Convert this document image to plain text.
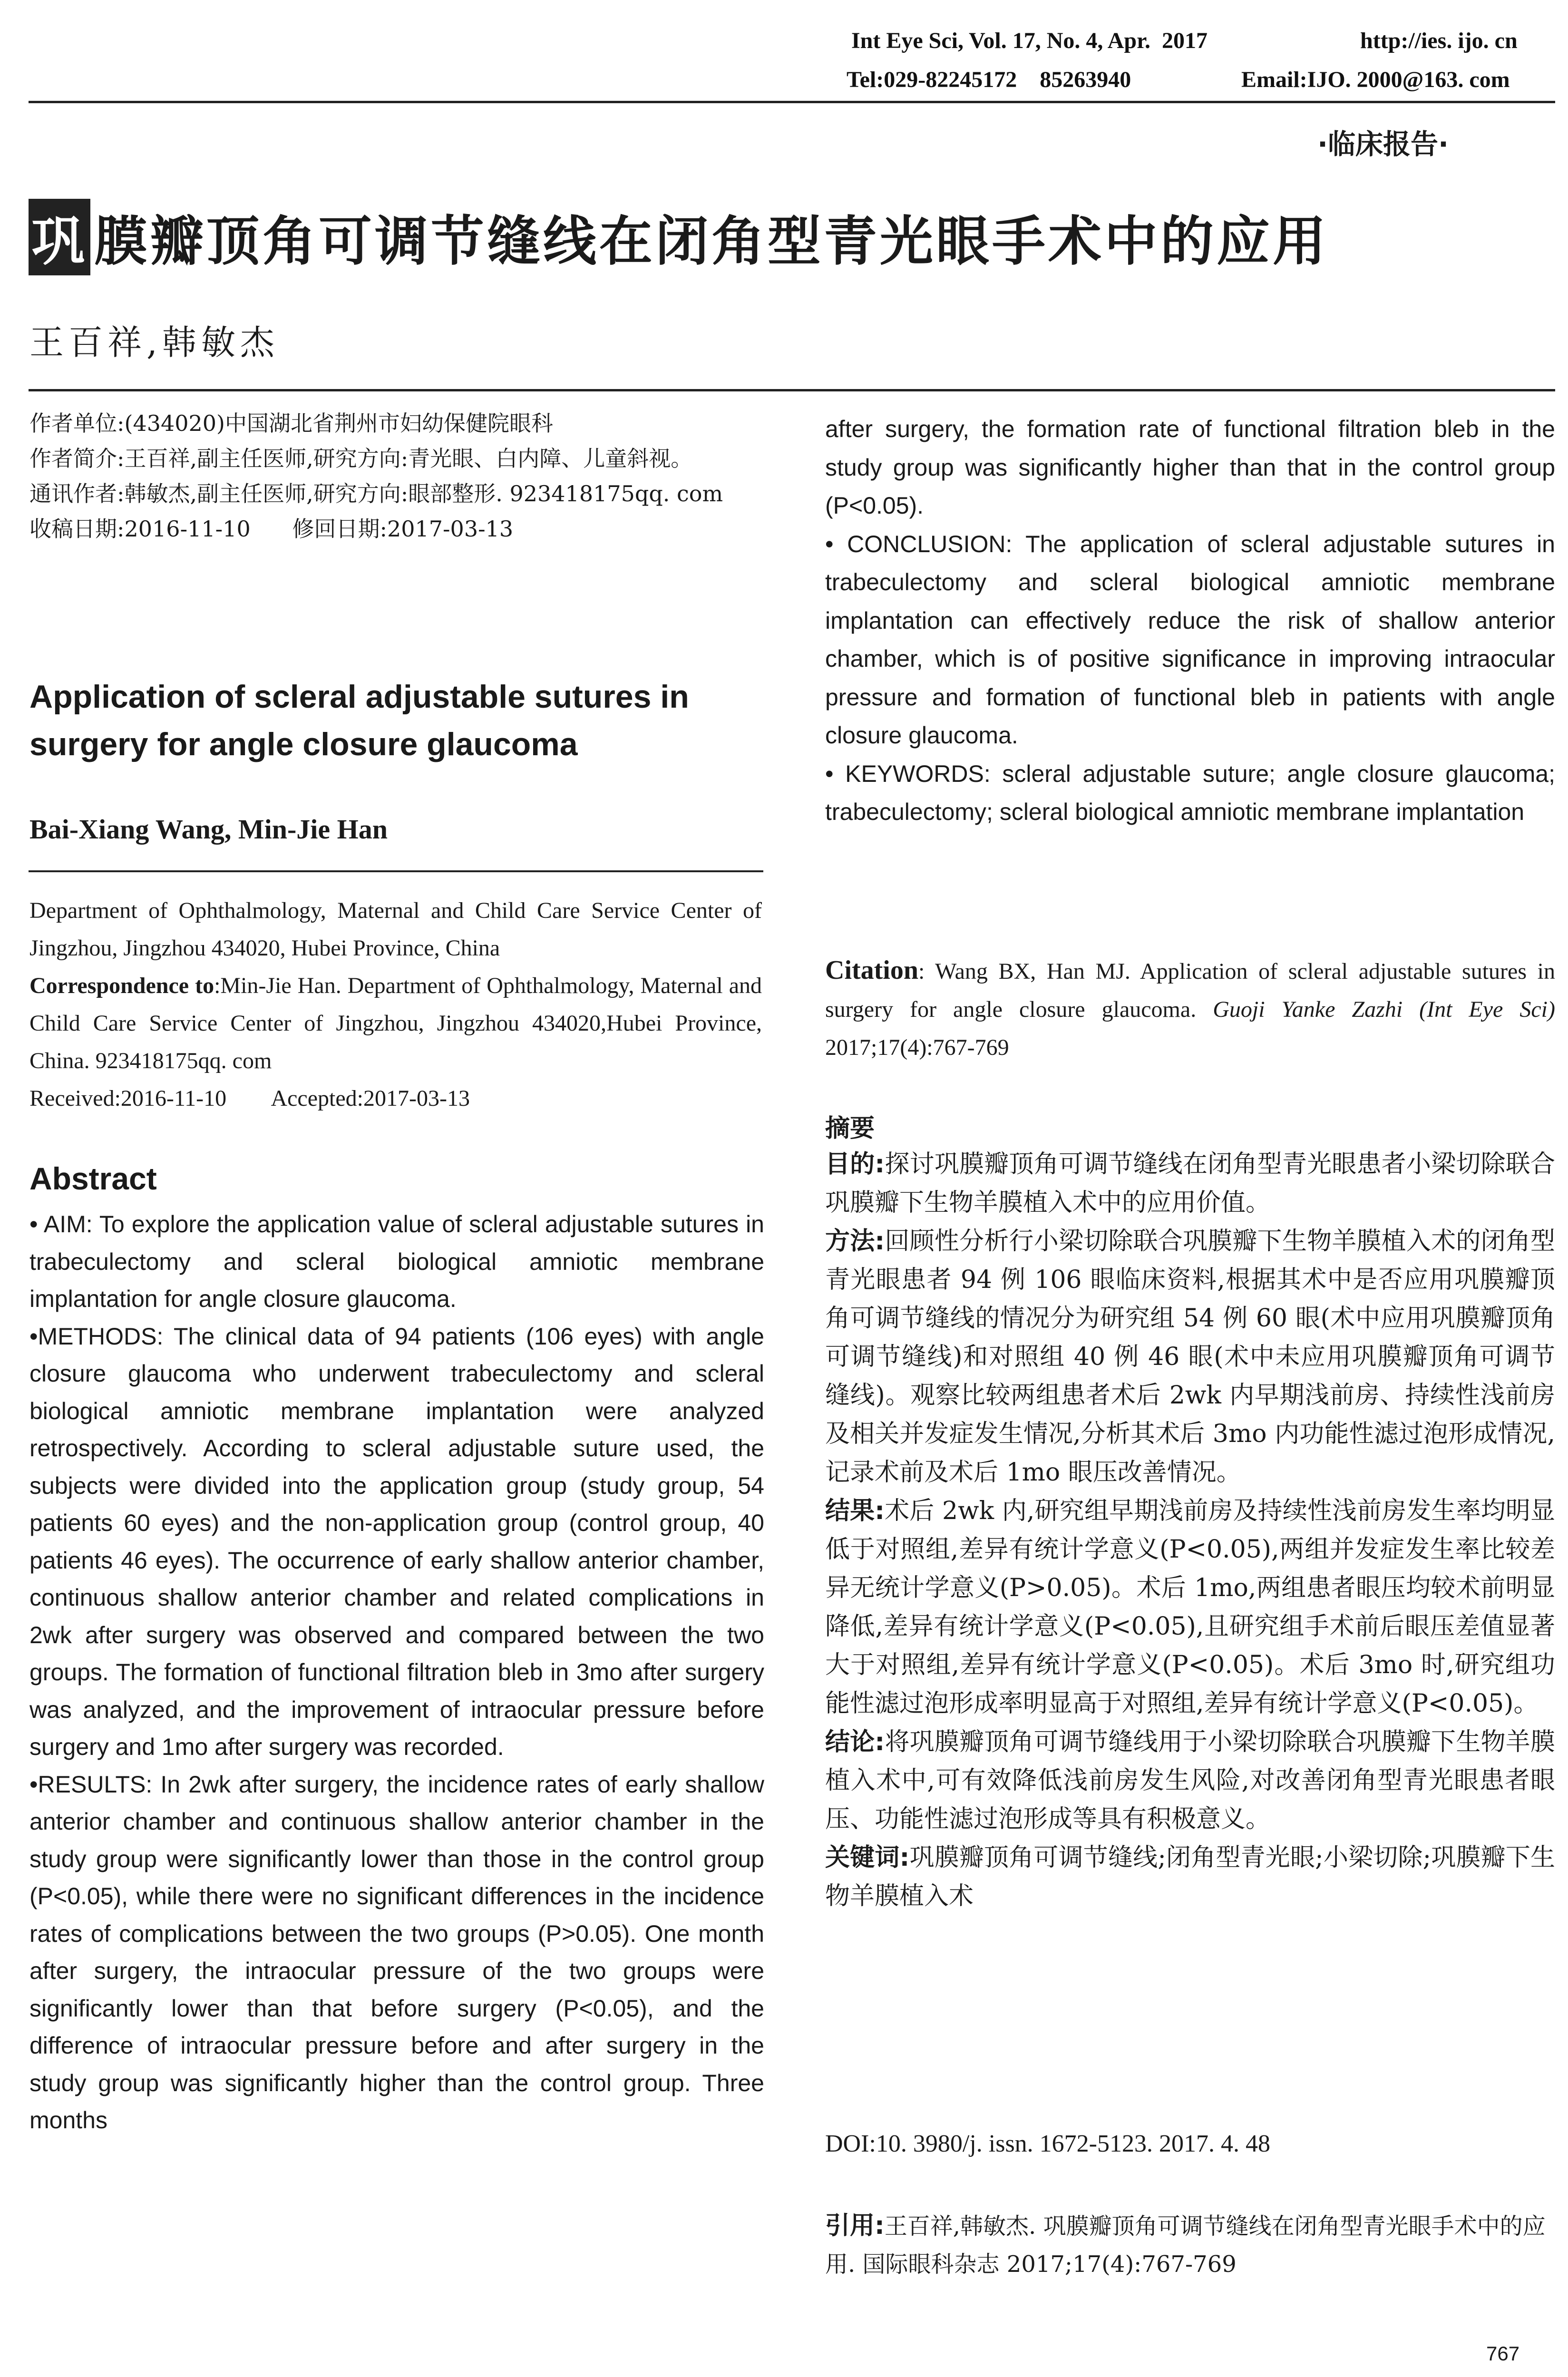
Int Eye Sci, Vol. 17, No. 4, Apr.  2017	http://ies. ijo. cn
Tel:029-82245172    85263940	Email:IJO. 2000@163. com
·临床报告·
巩 膜瓣顶角可调节缝线在闭角型青光眼手术中的应用
王百祥,韩敏杰

作者单位:(434020)中国湖北省荆州市妇幼保健院眼科

作者简介:王百祥,副主任医师,研究方向:青光眼、白内障、儿童斜视。

通讯作者:韩敏杰,副主任医师,研究方向:眼部整形. 923418175qq. com

收稿日期:2016-11-10      修回日期:2017-03-13

Application of scleral adjustable sutures in
surgery for angle closure glaucoma
Bai-Xiang Wang, Min-Jie Han

Department of Ophthalmology, Maternal and Child Care Service Center of Jingzhou, Jingzhou 434020, Hubei Province, China

Correspondence to:Min-Jie Han. Department of Ophthalmology, Maternal and Child Care Service Center of Jingzhou, Jingzhou 434020,Hubei Province, China. 923418175qq. com

Received:2016-11-10        Accepted:2017-03-13

Abstract

• AIM: To explore the application value of scleral adjustable sutures in trabeculectomy and scleral biological amniotic membrane implantation for angle closure glaucoma.

•METHODS: The clinical data of 94 patients (106 eyes) with angle closure glaucoma who underwent trabeculectomy and scleral biological amniotic membrane implantation were analyzed retrospectively. According to scleral adjustable suture used, the subjects were divided into the application group (study group, 54 patients 60 eyes) and the non-application group (control group, 40 patients 46 eyes). The occurrence of early shallow anterior chamber, continuous shallow anterior chamber and related complications in 2wk after surgery was observed and compared between the two groups. The formation of functional filtration bleb in 3mo after surgery was analyzed, and the improvement of intraocular pressure before surgery and 1mo after surgery was recorded.

•RESULTS: In 2wk after surgery, the incidence rates of early shallow anterior chamber and continuous shallow anterior chamber in the study group were significantly lower than those in the control group (P<0.05), while there were no significant differences in the incidence rates of complications between the two groups (P>0.05). One month after surgery, the intraocular pressure of the two groups were significantly lower than that before surgery (P<0.05), and the difference of intraocular pressure before and after surgery in the study group was significantly higher than the control group. Three months

after surgery, the formation rate of functional filtration bleb in the study group was significantly higher than that in the control group (P<0.05).

• CONCLUSION: The application of scleral adjustable sutures in trabeculectomy and scleral biological amniotic membrane implantation can effectively reduce the risk of shallow anterior chamber, which is of positive significance in improving intraocular pressure and formation of functional bleb in patients with angle closure glaucoma.

• KEYWORDS: scleral adjustable suture; angle closure glaucoma; trabeculectomy; scleral biological amniotic membrane implantation

Citation: Wang BX, Han MJ. Application of scleral adjustable sutures in surgery for angle closure glaucoma. Guoji Yanke Zazhi (Int Eye Sci) 2017;17(4):767-769
摘要

目的:探讨巩膜瓣顶角可调节缝线在闭角型青光眼患者小梁切除联合巩膜瓣下生物羊膜植入术中的应用价值。

方法:回顾性分析行小梁切除联合巩膜瓣下生物羊膜植入术的闭角型青光眼患者 94 例 106 眼临床资料,根据其术中是否应用巩膜瓣顶角可调节缝线的情况分为研究组 54 例 60 眼(术中应用巩膜瓣顶角可调节缝线)和对照组 40 例 46 眼(术中未应用巩膜瓣顶角可调节缝线)。观察比较两组患者术后 2wk 内早期浅前房、持续性浅前房及相关并发症发生情况,分析其术后 3mo 内功能性滤过泡形成情况,记录术前及术后 1mo 眼压改善情况。

结果:术后 2wk 内,研究组早期浅前房及持续性浅前房发生率均明显低于对照组,差异有统计学意义(P<0.05),两组并发症发生率比较差异无统计学意义(P>0.05)。术后 1mo,两组患者眼压均较术前明显降低,差异有统计学意义(P<0.05),且研究组手术前后眼压差值显著大于对照组,差异有统计学意义(P<0.05)。术后 3mo 时,研究组功能性滤过泡形成率明显高于对照组,差异有统计学意义(P<0.05)。

结论:将巩膜瓣顶角可调节缝线用于小梁切除联合巩膜瓣下生物羊膜植入术中,可有效降低浅前房发生风险,对改善闭角型青光眼患者眼压、功能性滤过泡形成等具有积极意义。

关键词:巩膜瓣顶角可调节缝线;闭角型青光眼;小梁切除;巩膜瓣下生物羊膜植入术

DOI:10. 3980/j. issn. 1672-5123. 2017. 4. 48

引用:王百祥,韩敏杰. 巩膜瓣顶角可调节缝线在闭角型青光眼手术中的应用. 国际眼科杂志 2017;17(4):767-769

767
